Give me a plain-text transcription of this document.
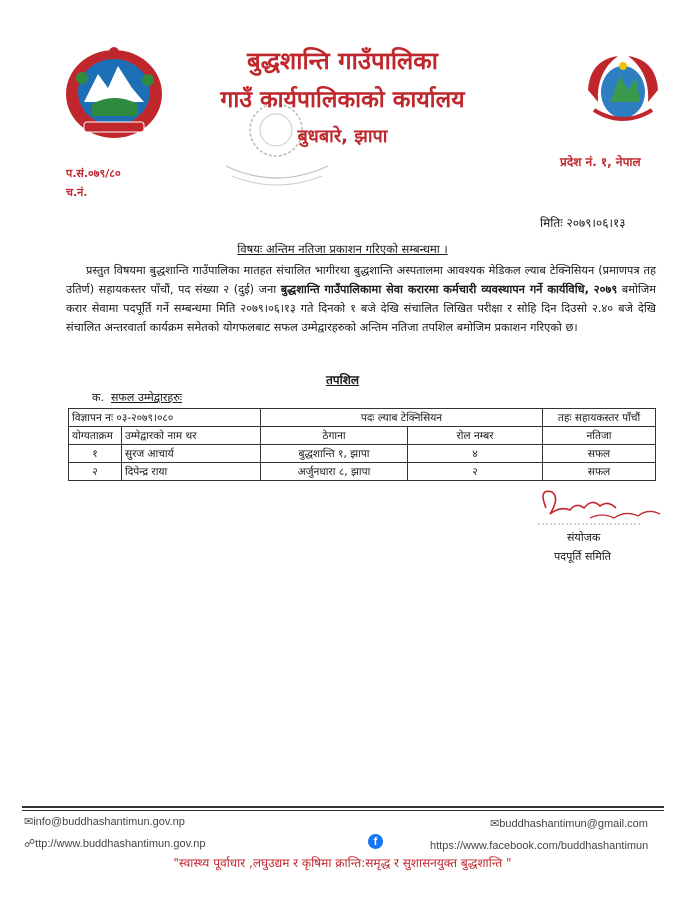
बुद्धशान्ति गाउँपालिका
गाउँ कार्यपालिकाको कार्यालय
बुधबारे, झापा
प्रदेश नं. १, नेपाल
प.सं.०७९/८०
च.नं.
मितिः २०७९।०६।१३
विषयः अन्तिम नतिजा प्रकाशन गरिएको सम्बन्धमा ।

प्रस्तुत विषयमा बुद्धशान्ति गाउँपालिका मातहत संचालित भागीरथा बुद्धशान्ति अस्पतालमा आवश्यक मेडिकल ल्याब टेक्निसियन (प्रमाणपत्र तह उतिर्ण) सहायकस्तर पाँचौं, पद संख्या २ (दुई) जना बुद्धशान्ति गाउँपालिकामा सेवा करारमा कर्मचारी व्यवस्थापन गर्ने कार्यविधि, २०७९ बमोजिम करार सेवामा पदपूर्ति गर्ने सम्बन्धमा मिति २०७९।०६।१३ गते दिनको १ बजे देखि संचालित लिखित परीक्षा र सोहि दिन दिउसो २.४० बजे देखि संचालित अन्तरवार्ता कार्यक्रम समेतको योगफलबाट सफल उम्मेद्वारहरुको अन्तिम नतिजा तपशिल बमोजिम प्रकाशन गरिएको छ।

तपशिल
क. सफल उम्मेद्वारहरुः
विज्ञापन नः ०३-२०७९।०८०		पदः ल्याब टेक्निसियन		तहः सहायकस्तर पाँचौं
योग्यताक्रम	उम्मेद्वारको नाम थर	ठेगाना	रोल नम्बर	नतिजा
१	सुरज आचार्य	बुद्धशान्ति १, झापा	४	सफल
२	दिपेन्द्र राया	अर्जुनधारा ८, झापा	२	सफल
संयोजक
पदपूर्ति समिति
✉info@buddhashantimun.gov.np	✉buddhashantimun@gmail.com
☍ttp://www.buddhashantimun.gov.np	f	https://www.facebook.com/buddhashantimun
"स्वास्थ्य पूर्वाधार ,लघुउद्यम र कृषिमा क्रान्ति:समृद्ध र सुशासनयुक्त बुद्धशान्ति "
